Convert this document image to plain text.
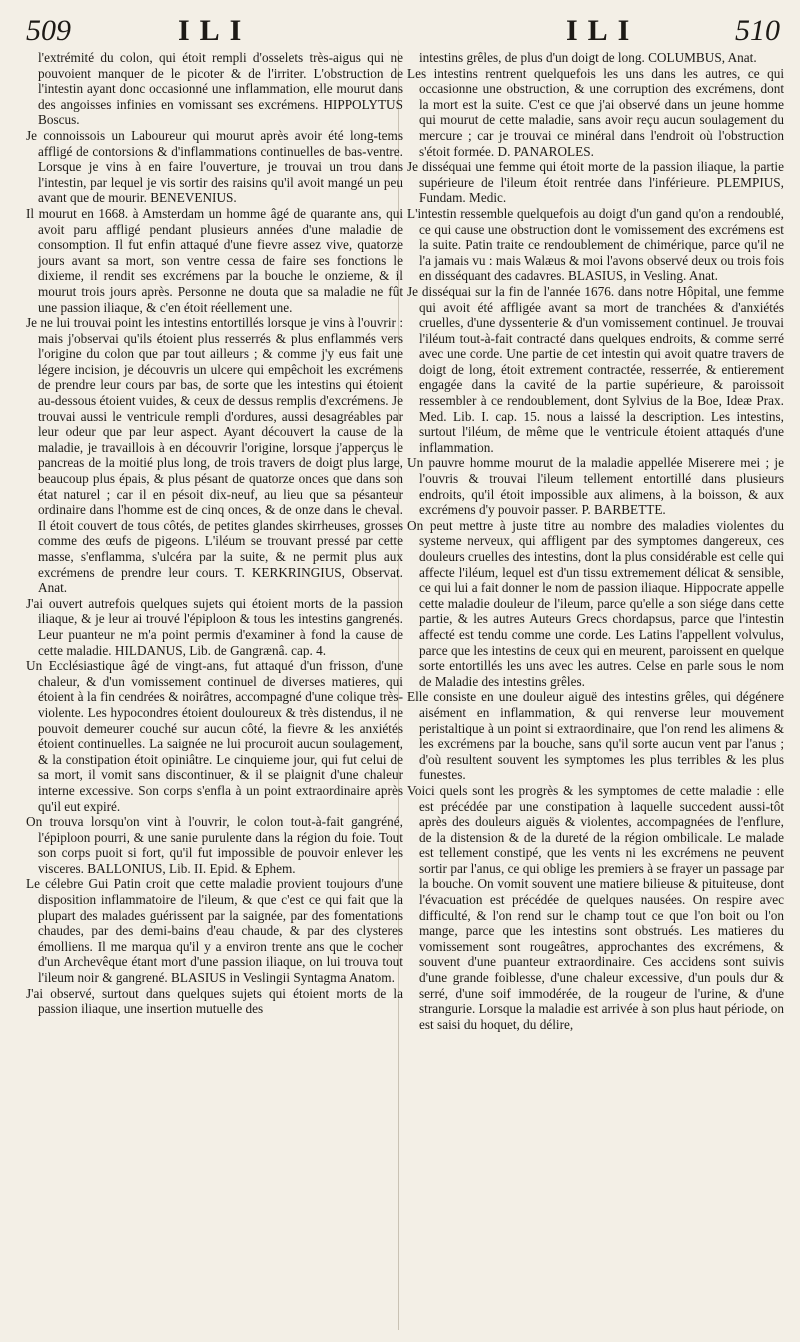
509	ILI	ILI	510

l'extrémité du colon, qui étoit rempli d'osselets très-aigus qui ne pouvoient manquer de le picoter & de l'irriter. L'obstruction de l'intestin ayant donc occasionné une inflammation, elle mourut dans des angoisses infinies en vomissant ses excrémens. HIPPOLYTUS Boscus.

Je connoissois un Laboureur qui mourut après avoir été long-tems affligé de contorsions & d'inflammations continuelles de bas-ventre. Lorsque je vins à en faire l'ouverture, je trouvai un trou dans l'intestin, par lequel je vis sortir des raisins qu'il avoit mangé un peu avant que de mourir. BENEVENIUS.

Il mourut en 1668. à Amsterdam un homme âgé de quarante ans, qui avoit paru affligé pendant plusieurs années d'une maladie de consomption. Il fut enfin attaqué d'une fievre assez vive, quatorze jours avant sa mort, son ventre cessa de faire ses fonctions le dixieme, il rendit ses excrémens par la bouche le onzieme, & il mourut trois jours après. Personne ne douta que sa maladie ne fût une passion iliaque, & c'en étoit réellement une.

Je ne lui trouvai point les intestins entortillés lorsque je vins à l'ouvrir : mais j'observai qu'ils étoient plus resserrés & plus enflammés vers l'origine du colon que par tout ailleurs ; & comme j'y eus fait une légere incision, je découvris un ulcere qui empêchoit les excrémens de prendre leur cours par bas, de sorte que les intestins qui étoient au-dessous étoient vuides, & ceux de dessus remplis d'excrémens. Je trouvai aussi le ventricule rempli d'ordures, aussi desagréables par leur odeur que par leur aspect. Ayant découvert la cause de la maladie, je travaillois à en découvrir l'origine, lorsque j'apperçus le pancreas de la moitié plus long, de trois travers de doigt plus large, beaucoup plus épais, & plus pésant de quatorze onces que dans son état naturel ; car il en pésoit dix-neuf, au lieu que sa pésanteur ordinaire dans l'homme est de cinq onces, & de onze dans le cheval. Il étoit couvert de tous côtés, de petites glandes skirrheuses, grosses comme des œufs de pigeons. L'iléum se trouvant pressé par cette masse, s'enflamma, s'ulcéra par la suite, & ne permit plus aux excrémens de prendre leur cours. T. KERKRINGIUS, Observat. Anat.

J'ai ouvert autrefois quelques sujets qui étoient morts de la passion iliaque, & je leur ai trouvé l'épiploon & tous les intestins gangrenés. Leur puanteur ne m'a point permis d'examiner à fond la cause de cette maladie. HILDANUS, Lib. de Gangrænâ. cap. 4.

Un Ecclésiastique âgé de vingt-ans, fut attaqué d'un frisson, d'une chaleur, & d'un vomissement continuel de diverses matieres, qui étoient à la fin cendrées & noirâtres, accompagné d'une colique très-violente. Les hypocondres étoient douloureux & très distendus, il ne pouvoit demeurer couché sur aucun côté, la fievre & les anxiétés étoient continuelles. La saignée ne lui procuroit aucun soulagement, & la constipation étoit opiniâtre. Le cinquieme jour, qui fut celui de sa mort, il vomit sans discontinuer, & il se plaignit d'une chaleur interne excessive. Son corps s'enfla à un point extraordinaire après qu'il eut expiré.

On trouva lorsqu'on vint à l'ouvrir, le colon tout-à-fait gangréné, l'épiploon pourri, & une sanie purulente dans la région du foie. Tout son corps puoit si fort, qu'il fut impossible de pouvoir enlever les visceres. BALLONIUS, Lib. II. Epid. & Ephem.

Le célebre Gui Patin croit que cette maladie provient toujours d'une disposition inflammatoire de l'ileum, & que c'est ce qui fait que la plupart des malades guérissent par la saignée, par des fomentations chaudes, par des demi-bains d'eau chaude, & par des clysteres émolliens. Il me marqua qu'il y a environ trente ans que le cocher d'un Archevêque étant mort d'une passion iliaque, on lui trouva tout l'ileum noir & gangrené. BLASIUS in Veslingii Syntagma Anatom.

J'ai observé, surtout dans quelques sujets qui étoient morts de la passion iliaque, une insertion mutuelle des

intestins grêles, de plus d'un doigt de long. COLUMBUS, Anat.

Les intestins rentrent quelquefois les uns dans les autres, ce qui occasionne une obstruction, & une corruption des excrémens, dont la mort est la suite. C'est ce que j'ai observé dans un jeune homme qui mourut de cette maladie, sans avoir reçu aucun soulagement du mercure ; car je trouvai ce minéral dans l'endroit où l'obstruction s'étoit formée. D. PANAROLES.

Je disséquai une femme qui étoit morte de la passion iliaque, la partie supérieure de l'ileum étoit rentrée dans l'inférieure. PLEMPIUS, Fundam. Medic.

L'intestin ressemble quelquefois au doigt d'un gand qu'on a rendoublé, ce qui cause une obstruction dont le vomissement des excrémens est la suite. Patin traite ce rendoublement de chimérique, parce qu'il ne l'a jamais vu : mais Walæus & moi l'avons observé deux ou trois fois en disséquant des cadavres. BLASIUS, in Vesling. Anat.

Je disséquai sur la fin de l'année 1676. dans notre Hôpital, une femme qui avoit été affligée avant sa mort de tranchées & d'anxiétés cruelles, d'une dyssenterie & d'un vomissement continuel. Je trouvai l'iléum tout-à-fait contracté dans quelques endroits, & comme serré avec une corde. Une partie de cet intestin qui avoit quatre travers de doigt de long, étoit extrement contractée, resserrée, & entierement engagée dans la cavité de la partie supérieure, & paroissoit ressembler à ce rendoublement, dont Sylvius de la Boe, Ideæ Prax. Med. Lib. I. cap. 15. nous a laissé la description. Les intestins, surtout l'iléum, de même que le ventricule étoient attaqués d'une inflammation.

Un pauvre homme mourut de la maladie appellée Miserere mei ; je l'ouvris & trouvai l'ileum tellement entortillé dans plusieurs endroits, qu'il étoit impossible aux alimens, à la boisson, & aux excrémens d'y pouvoir passer. P. BARBETTE.

On peut mettre à juste titre au nombre des maladies violentes du systeme nerveux, qui affligent par des symptomes dangereux, ces douleurs cruelles des intestins, dont la plus considérable est celle qui affecte l'iléum, lequel est d'un tissu extremement délicat & sensible, ce qui lui a fait donner le nom de passion iliaque. Hippocrate appelle cette maladie douleur de l'ileum, parce qu'elle a son siége dans cette partie, & les autres Auteurs Grecs chordapsus, parce que l'intestin affecté est tendu comme une corde. Les Latins l'appellent volvulus, parce que les intestins de ceux qui en meurent, paroissent en quelque sorte entortillés les uns avec les autres. Celse en parle sous le nom de Maladie des intestins grêles.

Elle consiste en une douleur aiguë des intestins grêles, qui dégénere aisément en inflammation, & qui renverse leur mouvement peristaltique à un point si extraordinaire, que l'on rend les alimens & les excrémens par la bouche, sans qu'il sorte aucun vent par l'anus ; d'où resultent souvent les symptomes les plus terribles & les plus funestes.

Voici quels sont les progrès & les symptomes de cette maladie : elle est précédée par une constipation à laquelle succedent aussi-tôt après des douleurs aiguës & violentes, accompagnées de l'enflure, de la distension & de la dureté de la région ombilicale. Le malade est tellement constipé, que les vents ni les excrémens ne peuvent sortir par l'anus, ce qui oblige les premiers à se frayer un passage par la bouche. On vomit souvent une matiere bilieuse & pituiteuse, dont l'évacuation est précédée de quelques nausées. On respire avec difficulté, & l'on rend sur le champ tout ce que l'on boit ou l'on mange, parce que les intestins sont obstrués. Les matieres du vomissement sont rougeâtres, approchantes des excrémens, & souvent d'une puanteur extraordinaire. Ces accidens sont suivis d'une grande foiblesse, d'une chaleur excessive, d'un pouls dur & serré, d'une soif immodérée, de la rougeur de l'urine, & d'une strangurie. Lorsque la maladie est arrivée à son plus haut période, on est saisi du hoquet, du délire,
